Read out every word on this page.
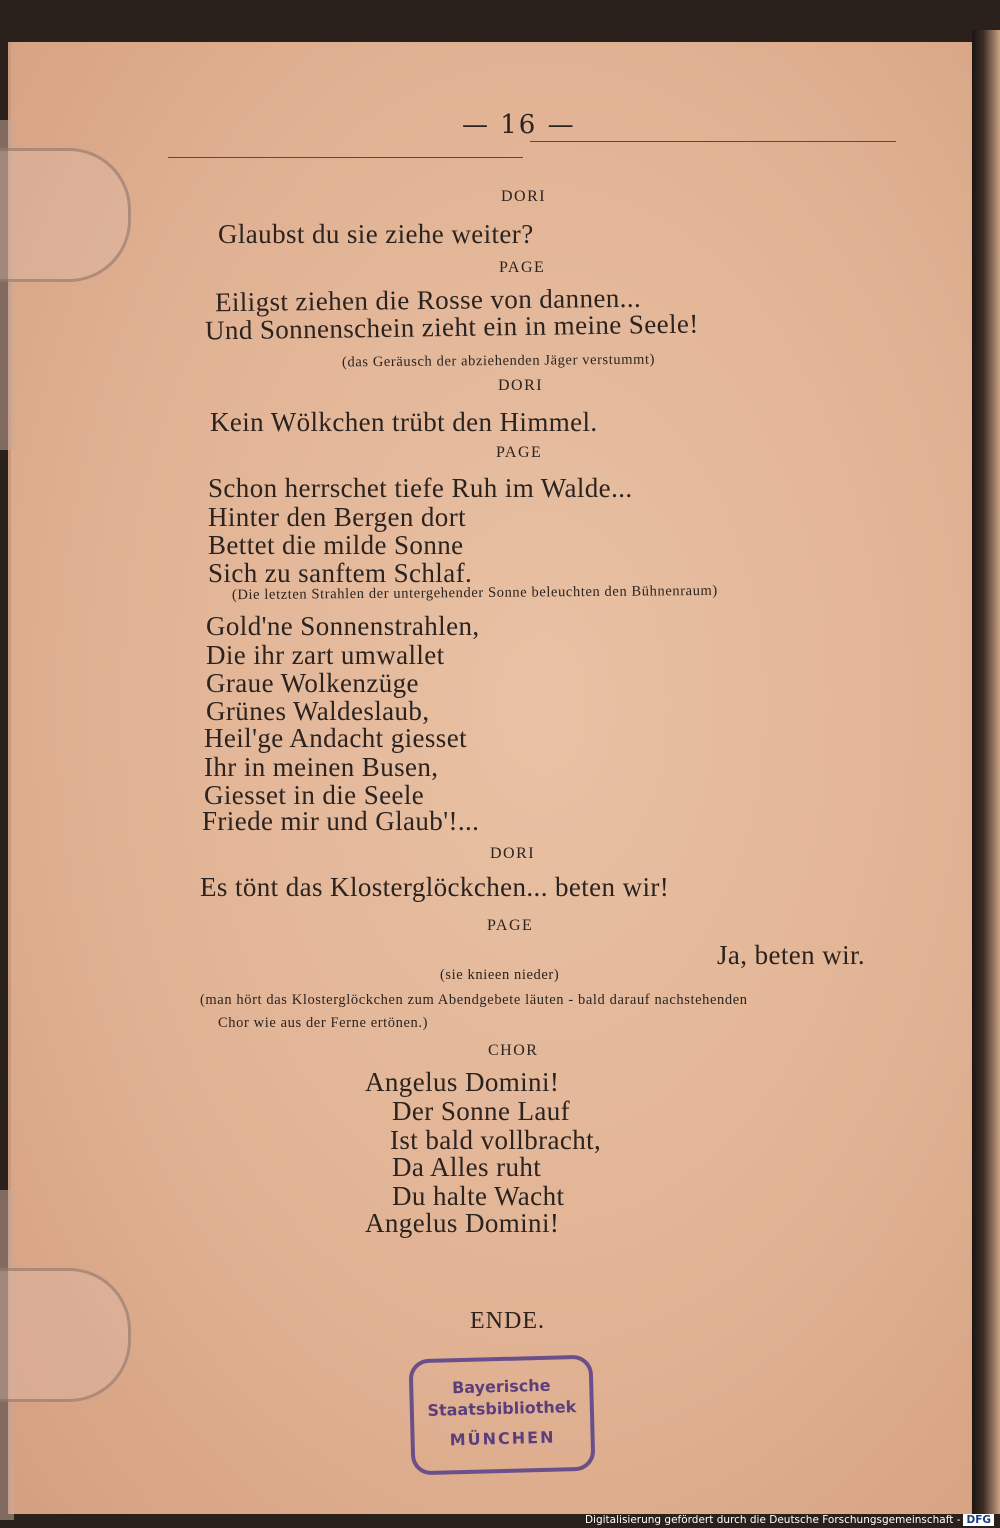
— 16 —
DORI
Glaubst du sie ziehe weiter?
PAGE
Eiligst ziehen die Rosse von dannen...
Und Sonnenschein zieht ein in meine Seele!
(das Geräusch der abziehenden Jäger verstummt)
DORI
Kein Wölkchen trübt den Himmel.
PAGE
Schon herrschet tiefe Ruh im Walde...
Hinter den Bergen dort
Bettet die milde Sonne
Sich zu sanftem Schlaf.
(Die letzten Strahlen der untergehender Sonne beleuchten den Bühnenraum)
Gold'ne Sonnenstrahlen,
Die ihr zart umwallet
Graue Wolkenzüge
Grünes Waldeslaub,
Heil'ge Andacht giesset
Ihr in meinen Busen,
Giesset in die Seele
Friede mir und Glaub'!...
DORI
Es tönt das Klosterglöckchen... beten wir!
PAGE
Ja, beten wir.
(sie knieen nieder)
(man hört das Klosterglöckchen zum Abendgebete läuten - bald darauf nachstehenden
Chor wie aus der Ferne ertönen.)
CHOR
Angelus Domini!
Der Sonne Lauf
Ist bald vollbracht,
Da Alles ruht
Du halte Wacht
Angelus Domini!
ENDE.
Bayerische
Staatsbibliothek
MÜNCHEN
Digitalisierung gefördert durch die Deutsche Forschungsgemeinschaft - DFG
